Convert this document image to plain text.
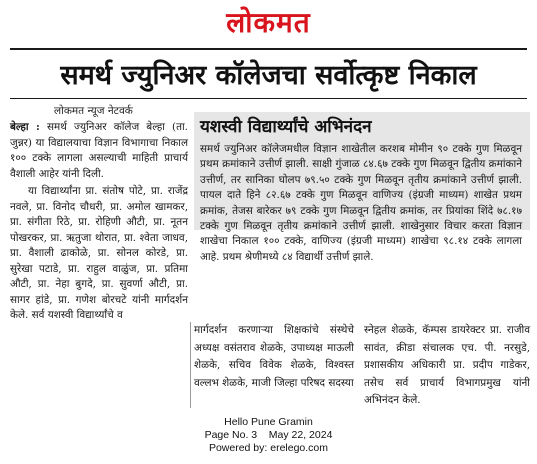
लोकमत
समर्थ ज्युनिअर कॉलेजचा सर्वोत्कृष्ट निकाल
लोकमत न्यूज नेटवर्क

बेल्हा : समर्थ ज्युनिअर कॉलेज बेल्हा (ता. जुन्नर) या विद्यालयाचा विज्ञान विभागाचा निकाल १०० टक्के लागला असल्याची माहिती प्राचार्य वैशाली आहेर यांनी दिली.

या विद्यार्थ्यांना प्रा. संतोष पोटे, प्रा. राजेंद्र नवले, प्रा. विनोद चौधरी, प्रा. अमोल खामकर, प्रा. संगीता रिठे, प्रा. रोहिणी औटी, प्रा. नूतन पोखरकर, प्रा. ऋतुजा थोरात, प्रा. श्वेता जाधव, प्रा. वैशाली ढाकोळे, प्रा. सोनल कोरडे, प्रा. सुरेखा पटाडे, प्रा. राहुल वाळुंज, प्रा. प्रतिमा औटी, प्रा. नेहा बुगदे, प्रा. सुवर्णा औटी, प्रा. सागर हांडे, प्रा. गणेश बोरचटे यांनी मार्गदर्शन केले. सर्व यशस्वी विद्यार्थ्यांचे व

यशस्वी विद्यार्थ्यांचे अभिनंदन
समर्थ ज्युनिअर कॉलेजमधील विज्ञान शाखेतील करशब मोमीन ९० टक्के गुण मिळवून प्रथम क्रमांकाने उत्तीर्ण झाली. साक्षी गुंजाळ ८४.६७ टक्के गुण मिळवून द्वितीय क्रमांकाने उत्तीर्ण, तर सानिका घोलप ७९.५० टक्के गुण मिळवून तृतीय क्रमांकाने उत्तीर्ण झाली. पायल दाते हिने ८२.६७ टक्के गुण मिळवून वाणिज्य (इंग्रजी माध्यम) शाखेत प्रथम क्रमांक, तेजस बारेकर ७९ टक्के गुण मिळवून द्वितीय क्रमांक, तर प्रियांका शिंदे ७८.१७ टक्के गुण मिळवून तृतीय क्रमांकाने उत्तीर्ण झाली. शाखेनुसार विचार करता विज्ञान शाखेचा निकाल १०० टक्के, वाणिज्य (इंग्रजी माध्यम) शाखेचा ९८.१४ टक्के लागला आहे. प्रथम श्रेणीमध्ये ८४ विद्यार्थी उत्तीर्ण झाले.
मार्गदर्शन करणाऱ्या शिक्षकांचे संस्थेचे अध्यक्ष वसंतराव शेळके, उपाध्यक्ष माऊली शेळके, सचिव विवेक शेळके, विश्वस्त वल्लभ शेळके, माजी जिल्हा परिषद सदस्या
स्नेहल शेळके, कॅम्पस डायरेक्टर प्रा. राजीव सावंत, क्रीडा संचालक एच. पी. नरसुडे, प्रशासकीय अधिकारी प्रा. प्रदीप गाडेकर, तसेच सर्व प्राचार्य विभागप्रमुख यांनी अभिनंदन केले.
Hello Pune Gramin
Page No. 3    May 22, 2024
Powered by: erelego.com
